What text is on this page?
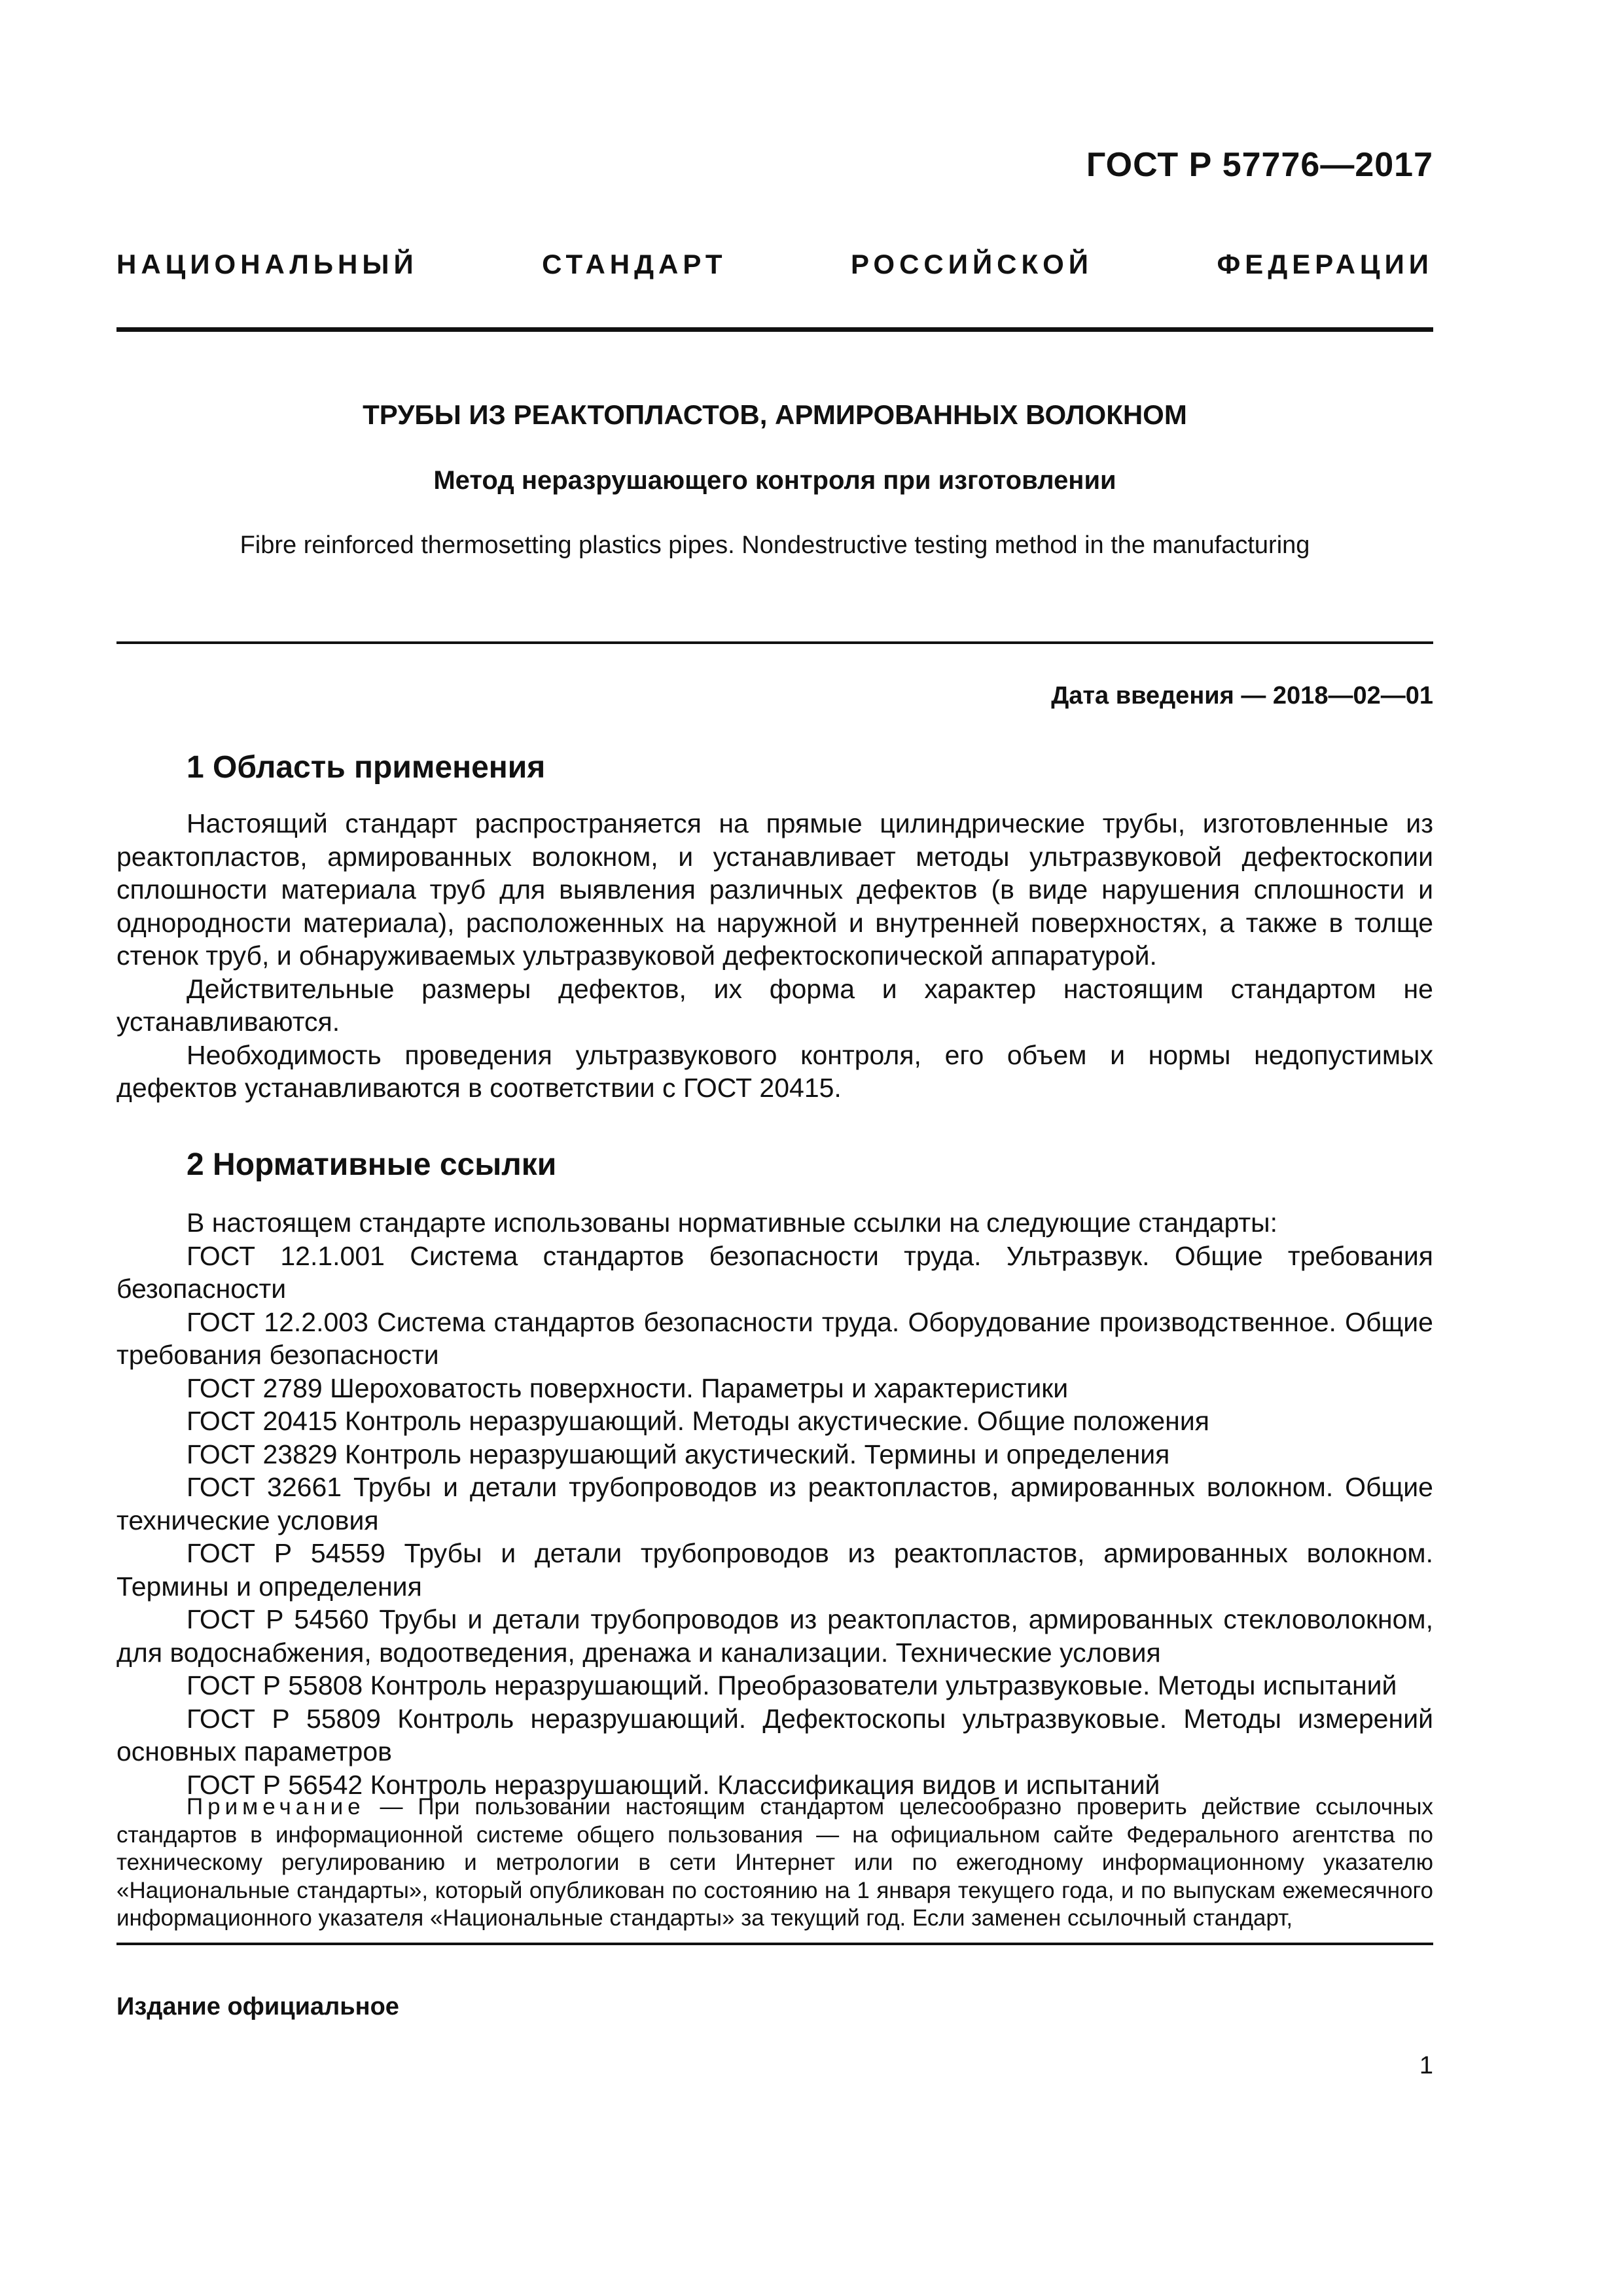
ГОСТ Р 57776—2017
НАЦИОНАЛЬНЫЙ	СТАНДАРТ	РОССИЙСКОЙ	ФЕДЕРАЦИИ
ТРУБЫ ИЗ РЕАКТОПЛАСТОВ, АРМИРОВАННЫХ ВОЛОКНОМ
Метод неразрушающего контроля при изготовлении
Fibre reinforced thermosetting plastics pipes. Nondestructive testing method in the manufacturing
Дата введения — 2018—02—01
1 Область применения

Настоящий стандарт распространяется на прямые цилиндрические трубы, изготовленные из реактопластов, армированных волокном, и устанавливает методы ультразвуковой дефектоскопии сплошности материала труб для выявления различных дефектов (в виде нарушения сплошности и однородности материала), расположенных на наружной и внутренней поверхностях, а также в толще стенок труб, и обнаруживаемых ультразвуковой дефектоскопической аппаратурой.

Действительные размеры дефектов, их форма и характер настоящим стандартом не устанавливаются.

Необходимость проведения ультразвукового контроля, его объем и нормы недопустимых дефектов устанавливаются в соответствии с ГОСТ 20415.

2 Нормативные ссылки

В настоящем стандарте использованы нормативные ссылки на следующие стандарты:

ГОСТ 12.1.001 Система стандартов безопасности труда. Ультразвук. Общие требования безопасности

ГОСТ 12.2.003 Система стандартов безопасности труда. Оборудование производственное. Общие требования безопасности

ГОСТ 2789 Шероховатость поверхности. Параметры и характеристики

ГОСТ 20415 Контроль неразрушающий. Методы акустические. Общие положения

ГОСТ 23829 Контроль неразрушающий акустический. Термины и определения

ГОСТ 32661 Трубы и детали трубопроводов из реактопластов, армированных волокном. Общие технические условия

ГОСТ Р 54559 Трубы и детали трубопроводов из реактопластов, армированных волокном. Термины и определения

ГОСТ Р 54560 Трубы и детали трубопроводов из реактопластов, армированных стекловолокном, для водоснабжения, водоотведения, дренажа и канализации. Технические условия

ГОСТ Р 55808 Контроль неразрушающий. Преобразователи ультразвуковые. Методы испытаний

ГОСТ Р 55809 Контроль неразрушающий. Дефектоскопы ультразвуковые. Методы измерений основных параметров

ГОСТ Р 56542 Контроль неразрушающий. Классификация видов и испытаний

Примечание — При пользовании настоящим стандартом целесообразно проверить действие ссылочных стандартов в информационной системе общего пользования — на официальном сайте Федерального агентства по техническому регулированию и метрологии в сети Интернет или по ежегодному информационному указателю «Национальные стандарты», который опубликован по состоянию на 1 января текущего года, и по выпускам ежемесячного информационного указателя «Национальные стандарты» за текущий год. Если заменен ссылочный стандарт,
Издание официальное
1
